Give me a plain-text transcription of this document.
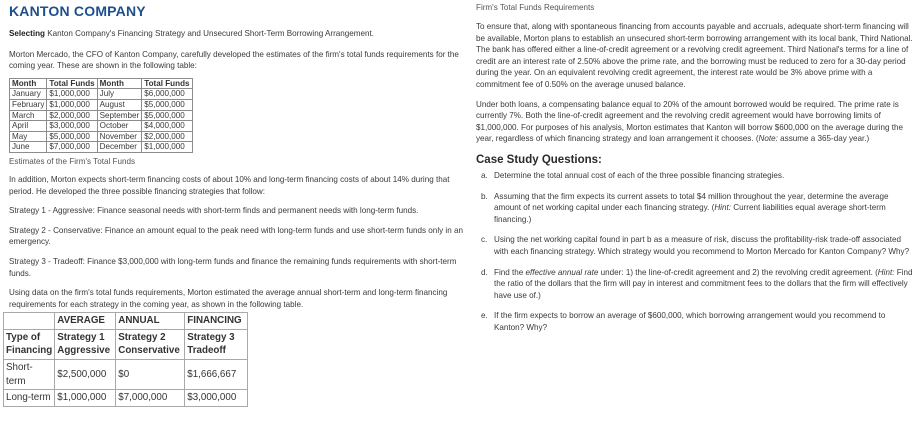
KANTON COMPANY

Selecting Kanton Company's Financing Strategy and Unsecured Short-Term Borrowing Arrangement.

Morton Mercado, the CFO of Kanton Company, carefully developed the estimates of the firm's total funds requirements for the coming year. These are shown in the following table:

Month	Total Funds	Month	Total Funds
January	$1,000,000	July	$6,000,000
February	$1,000,000	August	$5,000,000
March	$2,000,000	September	$5,000,000
April	$3,000,000	October	$4,000,000
May	$5,000,000	November	$2,000,000
June	$7,000,000	December	$1,000,000
Estimates of the Firm's Total Funds

In addition, Morton expects short-term financing costs of about 10% and long-term financing costs of about 14% during that period. He developed the three possible financing strategies that follow:

Strategy 1 - Aggressive: Finance seasonal needs with short-term finds and permanent needs with long-term funds.

Strategy 2 - Conservative: Finance an amount equal to the peak need with long-term funds and use short-term funds only in an emergency.

Strategy 3 - Tradeoff: Finance $3,000,000 with long-term funds and finance the remaining funds requirements with short-term funds.

Using data on the firm's total funds requirements, Morton estimated the average annual short-term and long-term financing requirements for each strategy in the coming year, as shown in the following table.

	AVERAGE	ANNUAL	FINANCING
Type of Financing	Strategy 1 Aggressive	Strategy 2 Conservative	Strategy 3 Tradeoff
Short-term	$2,500,000	$0	$1,666,667
Long-term	$1,000,000	$7,000,000	$3,000,000
Firm's Total Funds Requirements

To ensure that, along with spontaneous financing from accounts payable and accruals, adequate short-term financing will be available, Morton plans to establish an unsecured short-term borrowing arrangement with its local bank, Third National. The bank has offered either a line-of-credit agreement or a revolving credit agreement. Third National's terms for a line of credit are an interest rate of 2.50% above the prime rate, and the borrowing must be reduced to zero for a 30-day period during the year. On an equivalent revolving credit agreement, the interest rate would be 3% above prime with a commitment fee of 0.50% on the average unused balance.

Under both loans, a compensating balance equal to 20% of the amount borrowed would be required. The prime rate is currently 7%. Both the line-of-credit agreement and the revolving credit agreement would have borrowing limits of $1,000,000. For purposes of his analysis, Morton estimates that Kanton will borrow $600,000 on the average during the year, regardless of which financing strategy and loan arrangement it chooses. (Note: assume a 365-day year.)

Case Study Questions:
a. Determine the total annual cost of each of the three possible financing strategies.
b. Assuming that the firm expects its current assets to total $4 million throughout the year, determine the average amount of net working capital under each financing strategy. (Hint: Current liabilities equal average short-term financing.)
c. Using the net working capital found in part b as a measure of risk, discuss the profitability-risk trade-off associated with each financing strategy. Which strategy would you recommend to Morton Mercado for Kanton Company? Why?
d. Find the effective annual rate under: 1) the line-of-credit agreement and 2) the revolving credit agreement. (Hint: Find the ratio of the dollars that the firm will pay in interest and commitment fees to the dollars that the firm will effectively have use of.)
e. If the firm expects to borrow an average of $600,000, which borrowing arrangement would you recommend to Kanton? Why?
